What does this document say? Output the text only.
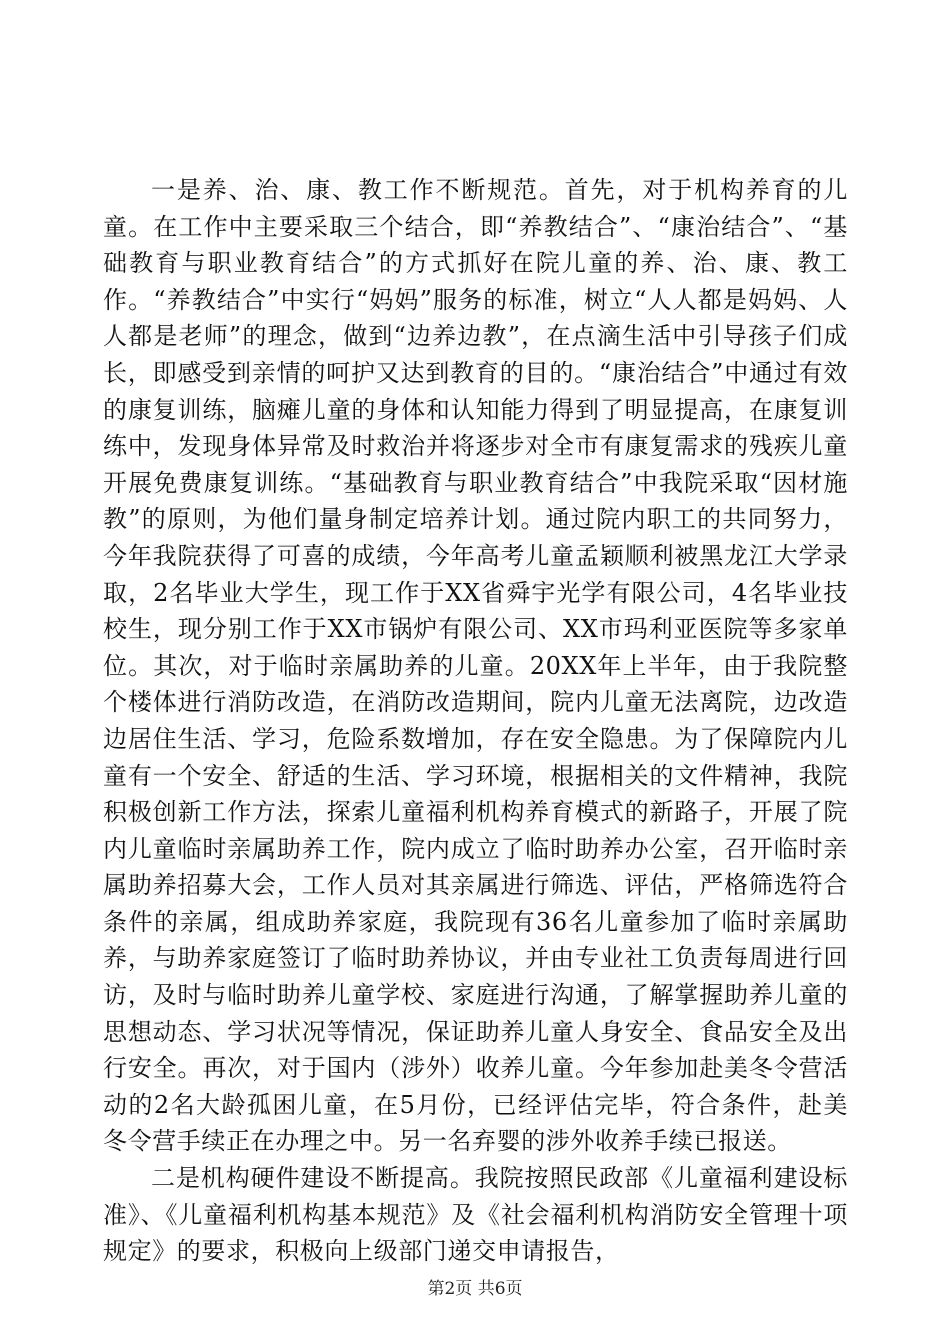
一是养、治、康、教工作不断规范。首先，对于机构养育的儿童。在工作中主要采取三个结合，即“养教结合”、“康治结合”、“基础教育与职业教育结合”的方式抓好在院儿童的养、治、康、教工作。“养教结合”中实行“妈妈”服务的标准，树立“人人都是妈妈、人人都是老师”的理念，做到“边养边教”，在点滴生活中引导孩子们成长，即感受到亲情的呵护又达到教育的目的。“康治结合”中通过有效的康复训练，脑瘫儿童的身体和认知能力得到了明显提高，在康复训练中，发现身体异常及时救治并将逐步对全市有康复需求的残疾儿童开展免费康复训练。“基础教育与职业教育结合”中我院采取“因材施教”的原则，为他们量身制定培养计划。通过院内职工的共同努力，今年我院获得了可喜的成绩，今年高考儿童孟颖顺利被黑龙江大学录取，2名毕业大学生，现工作于XX省舜宇光学有限公司，4名毕业技校生，现分别工作于XX市锅炉有限公司、XX市玛利亚医院等多家单位。其次，对于临时亲属助养的儿童。20XX年上半年，由于我院整个楼体进行消防改造，在消防改造期间，院内儿童无法离院，边改造边居住生活、学习，危险系数增加，存在安全隐患。为了保障院内儿童有一个安全、舒适的生活、学习环境，根据相关的文件精神，我院积极创新工作方法，探索儿童福利机构养育模式的新路子，开展了院内儿童临时亲属助养工作，院内成立了临时助养办公室，召开临时亲属助养招募大会，工作人员对其亲属进行筛选、评估，严格筛选符合条件的亲属，组成助养家庭，我院现有36名儿童参加了临时亲属助养，与助养家庭签订了临时助养协议，并由专业社工负责每周进行回访，及时与临时助养儿童学校、家庭进行沟通，了解掌握助养儿童的思想动态、学习状况等情况，保证助养儿童人身安全、食品安全及出行安全。再次，对于国内（涉外）收养儿童。今年参加赴美冬令营活动的2名大龄孤困儿童，在5月份，已经评估完毕，符合条件，赴美冬令营手续正在办理之中。另一名弃婴的涉外收养手续已报送。

二是机构硬件建设不断提高。我院按照民政部《儿童福利建设标准》、《儿童福利机构基本规范》及《社会福利机构消防安全管理十项规定》的要求，积极向上级部门递交申请报告，

第2页 共6页
